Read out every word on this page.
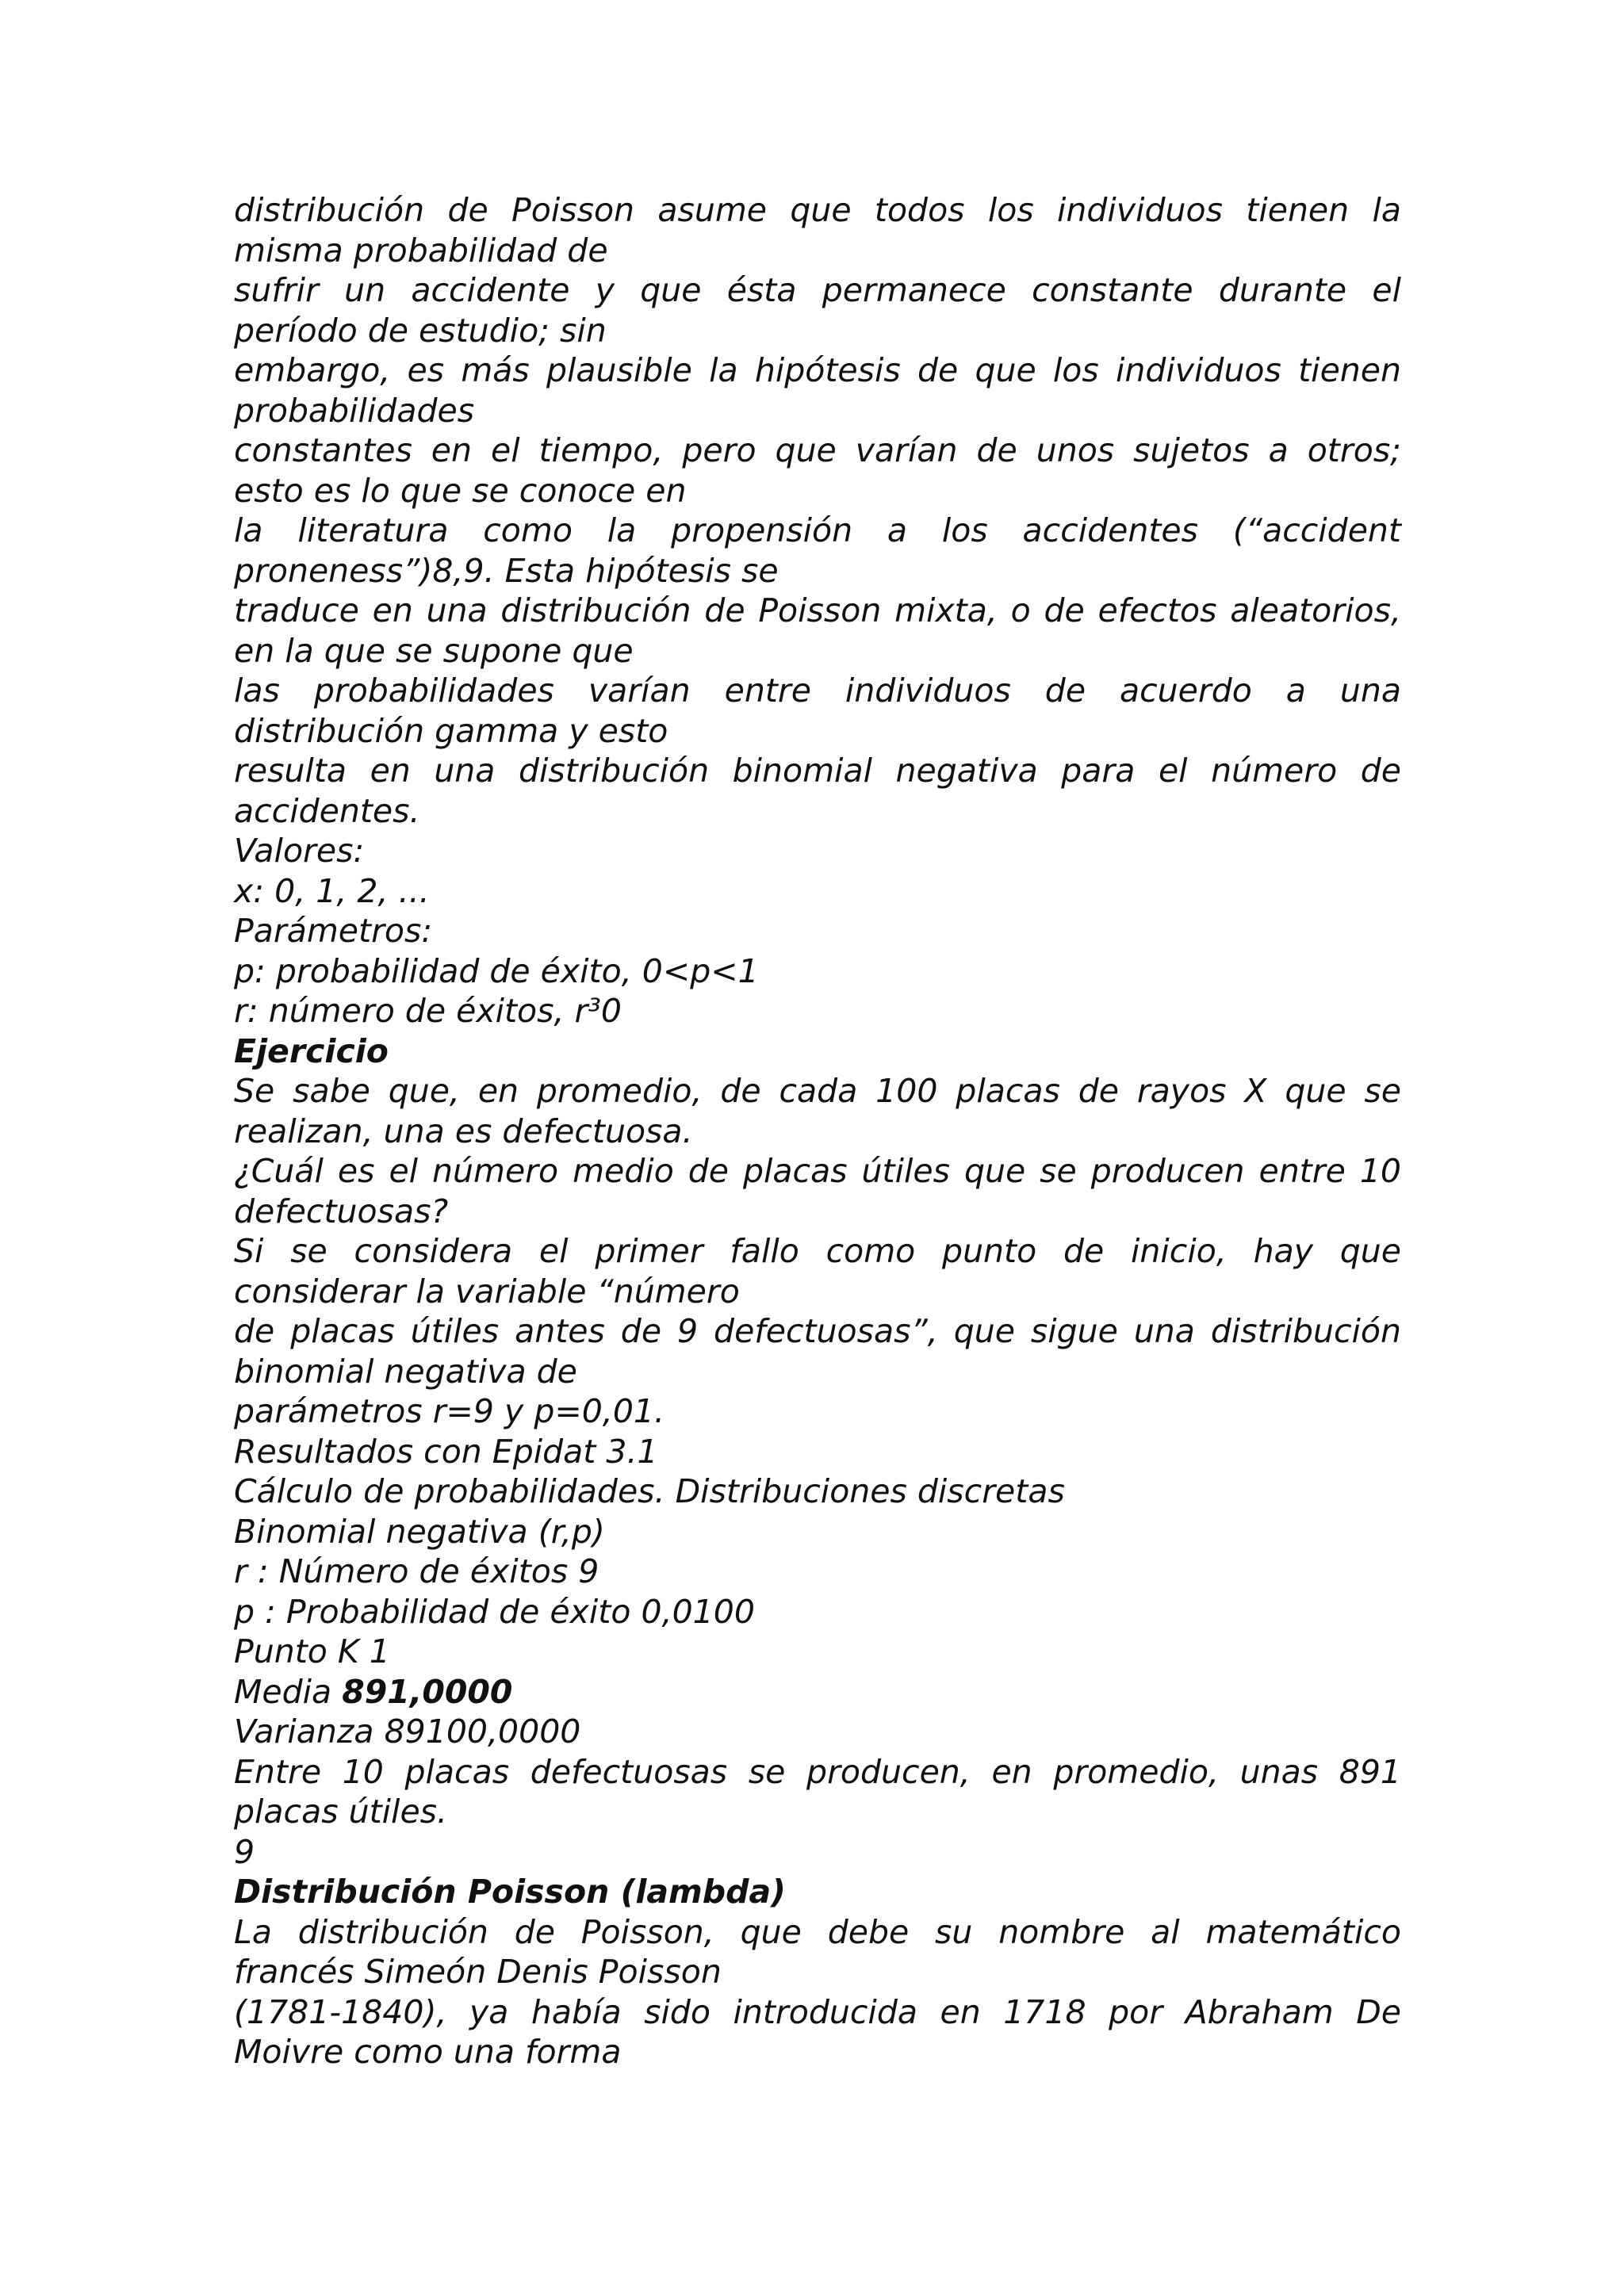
distribución de Poisson asume que todos los individuos tienen la
misma probabilidad de
sufrir un accidente y que ésta permanece constante durante el
período de estudio; sin
embargo, es más plausible la hipótesis de que los individuos tienen
probabilidades
constantes en el tiempo, pero que varían de unos sujetos a otros;
esto es lo que se conoce en
la literatura como la propensión a los accidentes (“accident
proneness”)8,9. Esta hipótesis se
traduce en una distribución de Poisson mixta, o de efectos aleatorios,
en la que se supone que
las probabilidades varían entre individuos de acuerdo a una
distribución gamma y esto
resulta en una distribución binomial negativa para el número de
accidentes.
Valores:
x: 0, 1, 2, ...
Parámetros:
p: probabilidad de éxito, 0<p<1
r: número de éxitos, r³0
Ejercicio
Se sabe que, en promedio, de cada 100 placas de rayos X que se
realizan, una es defectuosa.
¿Cuál es el número medio de placas útiles que se producen entre 10
defectuosas?
Si se considera el primer fallo como punto de inicio, hay que
considerar la variable “número
de placas útiles antes de 9 defectuosas”, que sigue una distribución
binomial negativa de
parámetros r=9 y p=0,01.
Resultados con Epidat 3.1
Cálculo de probabilidades. Distribuciones discretas
Binomial negativa (r,p)
r : Número de éxitos 9
p : Probabilidad de éxito 0,0100
Punto K 1
Media 891,0000
Varianza 89100,0000
Entre 10 placas defectuosas se producen, en promedio, unas 891
placas útiles.
9
Distribución Poisson (lambda)
La distribución de Poisson, que debe su nombre al matemático
francés Simeón Denis Poisson
(1781-1840), ya había sido introducida en 1718 por Abraham De
Moivre como una forma
